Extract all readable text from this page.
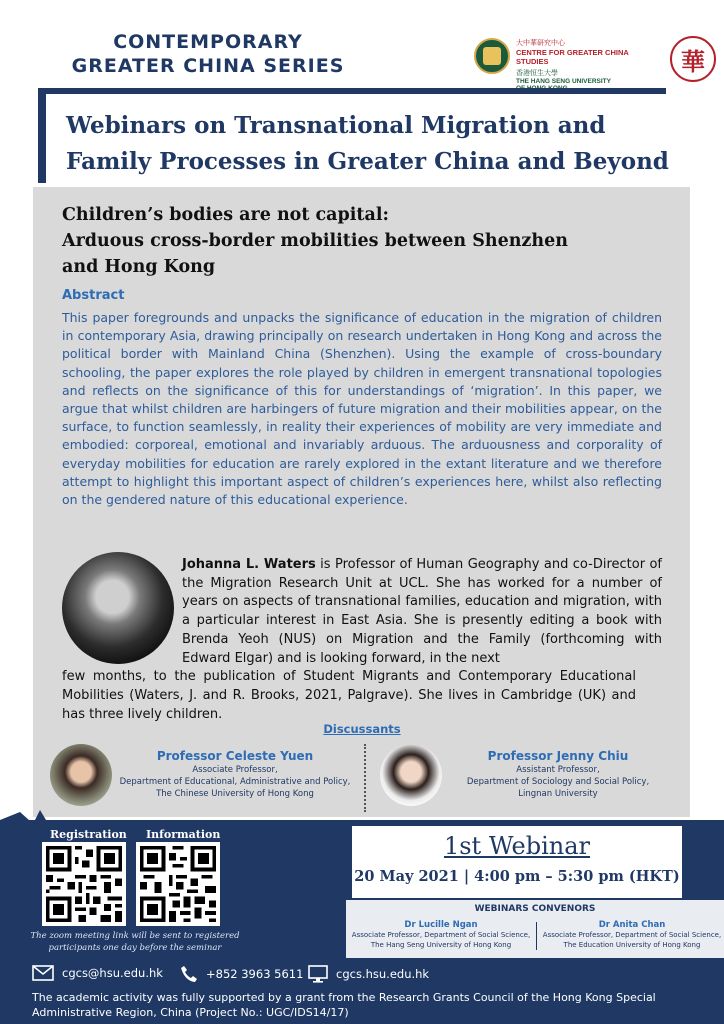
CONTEMPORARY
GREATER CHINA SERIES
大中華研究中心
CENTRE FOR GREATER CHINA STUDIES
香港恒生大學
THE HANG SENG UNIVERSITY
華
Webinars on Transnational Migration and
Family Processes in Greater China and Beyond
Children’s bodies are not capital:
Arduous cross-border mobilities between Shenzhen
and Hong Kong
Abstract
This paper foregrounds and unpacks the significance of education in the migration of children in contemporary Asia, drawing principally on research undertaken in Hong Kong and across the political border with Mainland China (Shenzhen). Using the example of cross-boundary schooling, the paper explores the role played by children in emergent transnational topologies and reflects on the significance of this for understandings of ‘migration’. In this paper, we argue that whilst children are harbingers of future migration and their mobilities appear, on the surface, to function seamlessly, in reality their experiences of mobility are very immediate and embodied: corporeal, emotional and invariably arduous. The arduousness and corporality of everyday mobilities for education are rarely explored in the extant literature and we therefore attempt to highlight this important aspect of children’s experiences here, whilst also reflecting on the gendered nature of this educational experience.
Johanna L. Waters is Professor of Human Geography and co-Director of the Migration Research Unit at UCL. She has worked for a number of years on aspects of transnational families, education and migration, with a particular interest in East Asia. She is presently editing a book with Brenda Yeoh (NUS) on Migration and the Family (forthcoming with Edward Elgar) and is looking forward, in the next
few months, to the publication of Student Migrants and Contemporary Educational Mobilities (Waters, J. and R. Brooks, 2021, Palgrave). She lives in Cambridge (UK) and has three lively children.
Discussants
Professor Celeste Yuen
Associate Professor,
Department of Educational, Administrative and Policy,
The Chinese University of Hong Kong
Professor Jenny Chiu
Assistant Professor,
Department of Sociology and Social Policy,
Lingnan University
Registration Information
The zoom meeting link will be sent to registered
participants one day before the seminar
1st Webinar
20 May 2021 | 4:00 pm – 5:30 pm (HKT)
WEBINARS CONVENORS
Dr Lucille Ngan
Associate Professor, Department of Social Science,
The Hang Seng University of Hong Kong
Dr Anita Chan
Associate Professor, Department of Social Science,
The Education University of Hong Kong
cgcs@hsu.edu.hk	+852 3963 5611	cgcs.hsu.edu.hk
The academic activity was fully supported by a grant from the Research Grants Council of the Hong Kong Special Administrative Region, China (Project No.: UGC/IDS14/17)
